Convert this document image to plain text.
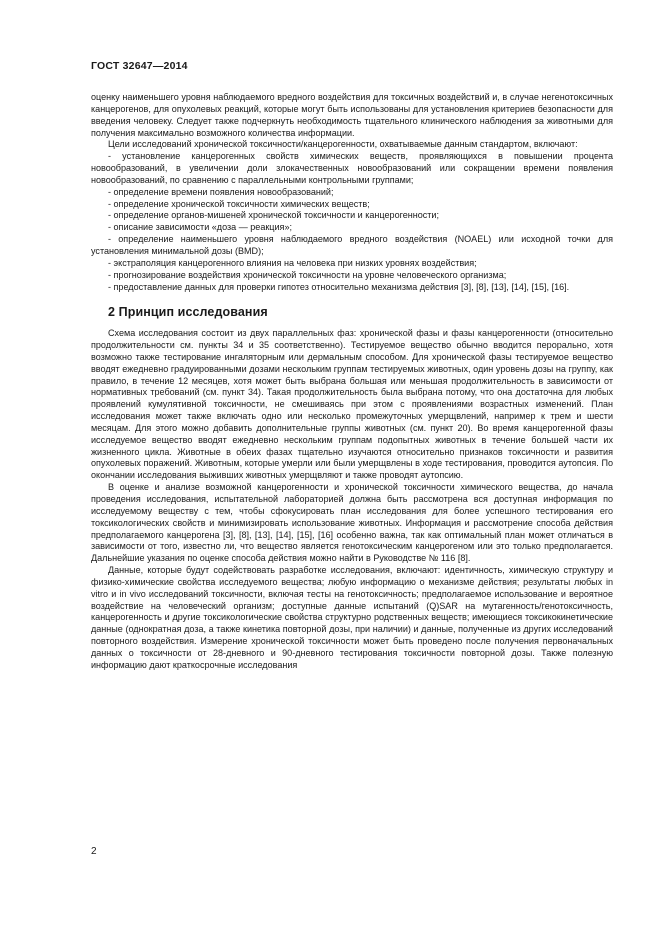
ГОСТ 32647—2014

оценку наименьшего уровня наблюдаемого вредного воздействия для токсичных воздействий и, в случае негенотоксичных канцерогенов, для опухолевых реакций, которые могут быть использованы для установления критериев безопасности для введения человеку. Следует также подчеркнуть необходимость тщательного клинического наблюдения за животными для получения максимально возможного количества информации.

Цели исследований хронической токсичности/канцерогенности, охватываемые данным стандартом, включают:

- установление канцерогенных свойств химических веществ, проявляющихся в повышении процента новообразований, в увеличении доли злокачественных новообразований или сокращении времени появления новообразований, по сравнению с параллельными контрольными группами;
- определение времени появления новообразований;
- определение хронической токсичности химических веществ;
- определение органов-мишеней хронической токсичности и канцерогенности;
- описание зависимости «доза — реакция»;
- определение наименьшего уровня наблюдаемого вредного воздействия (NOAEL) или исходной точки для установления минимальной дозы (BMD);
- экстраполяция канцерогенного влияния на человека при низких уровнях воздействия;
- прогнозирование воздействия хронической токсичности на уровне человеческого организма;
- предоставление данных для проверки гипотез относительно механизма действия [3], [8], [13], [14], [15], [16].
2 Принцип исследования

Схема исследования состоит из двух параллельных фаз: хронической фазы и фазы канцерогенности (относительно продолжительности см. пункты 34 и 35 соответственно). Тестируемое вещество обычно вводится перорально, хотя возможно также тестирование ингаляторным или дермальным способом. Для хронической фазы тестируемое вещество вводят ежедневно градуированными дозами нескольким группам тестируемых животных, один уровень дозы на группу, как правило, в течение 12 месяцев, хотя может быть выбрана большая или меньшая продолжительность в зависимости от нормативных требований (см. пункт 34). Такая продолжительность была выбрана потому, что она достаточна для любых проявлений кумулятивной токсичности, не смешиваясь при этом с проявлениями возрастных изменений. План исследования может также включать одно или несколько промежуточных умерщвлений, например к трем и шести месяцам. Для этого можно добавить дополнительные группы животных (см. пункт 20). Во время канцерогенной фазы исследуемое вещество вводят ежедневно нескольким группам подопытных животных в течение большей части их жизненного цикла. Животные в обеих фазах тщательно изучаются относительно признаков токсичности и развития опухолевых поражений. Животным, которые умерли или были умерщвлены в ходе тестирования, проводится аутопсия. По окончании исследования выживших животных умерщвляют и также проводят аутопсию.

В оценке и анализе возможной канцерогенности и хронической токсичности химического вещества, до начала проведения исследования, испытательной лабораторией должна быть рассмотрена вся доступная информация по исследуемому веществу с тем, чтобы сфокусировать план исследования для более успешного тестирования его токсикологических свойств и минимизировать использование животных. Информация и рассмотрение способа действия предполагаемого канцерогена [3], [8], [13], [14], [15], [16] особенно важна, так как оптимальный план может отличаться в зависимости от того, известно ли, что вещество является генотоксическим канцерогеном или это только предполагается. Дальнейшие указания по оценке способа действия можно найти в Руководстве № 116 [8].

Данные, которые будут содействовать разработке исследования, включают: идентичность, химическую структуру и физико-химические свойства исследуемого вещества; любую информацию о механизме действия; результаты любых in vitro и in vivo исследований токсичности, включая тесты на генотоксичность; предполагаемое использование и вероятное воздействие на человеческий организм; доступные данные испытаний (Q)SAR на мутагенность/генотоксичность, канцерогенность и другие токсикологические свойства структурно родственных веществ; имеющиеся токсикокинетические данные (однократная доза, а также кинетика повторной дозы, при наличии) и данные, полученные из других исследований повторного воздействия. Измерение хронической токсичности может быть проведено после получения первоначальных данных о токсичности от 28-дневного и 90-дневного тестирования токсичности повторной дозы. Также полезную информацию дают краткосрочные исследования

2
